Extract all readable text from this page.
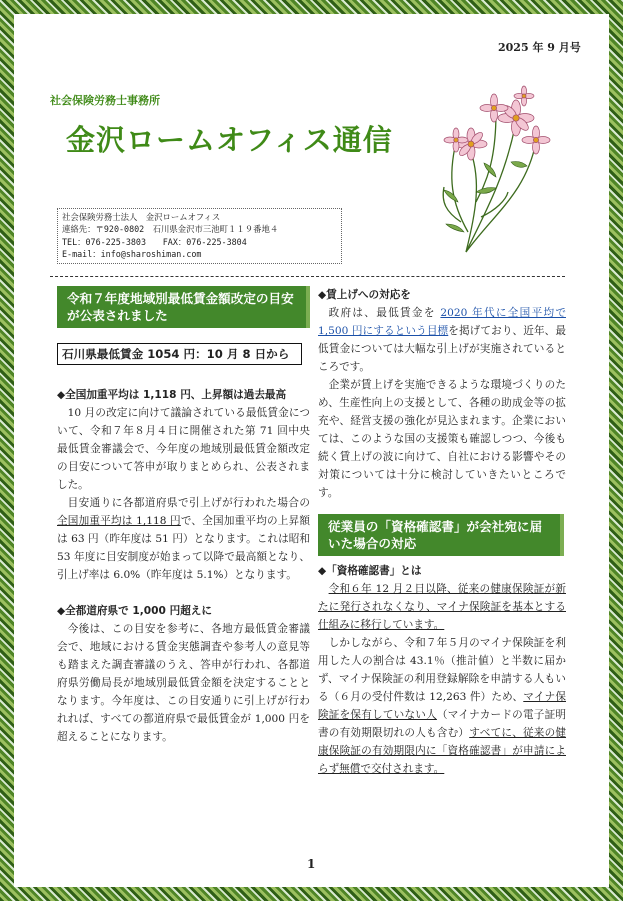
2025 年 9 月号
社会保険労務士事務所
金沢ロームオフィス通信
社会保険労務士法人　金沢ロームオフィス
連絡先：〒920-0802　石川県金沢市三池町１１９番地４
TEL：076-225-3803　　FAX：076-225-3804
E-mail：info@sharoshiman.com
令和７年度地域別最低賃金額改定の目安が公表されました
石川県最低賃金 1054 円：10 月 8 日から
◆全国加重平均は 1,118 円、上昇額は過去最高

10 月の改定に向けて議論されている最低賃金について、令和７年８月４日に開催された第 71 回中央最低賃金審議会で、今年度の地域別最低賃金額改定の目安について答申が取りまとめられ、公表されました。

目安通りに各都道府県で引上げが行われた場合の全国加重平均は 1,118 円で、全国加重平均の上昇額は 63 円（昨年度は 51 円）となります。これは昭和 53 年度に目安制度が始まって以降で最高額となり、引上げ率は 6.0%（昨年度は 5.1%）となります。

◆全都道府県で 1,000 円超えに

今後は、この目安を参考に、各地方最低賃金審議会で、地域における賃金実態調査や参考人の意見等も踏まえた調査審議のうえ、答申が行われ、各都道府県労働局長が地域別最低賃金額を決定することとなります。今年度は、この目安通りに引上げが行われれば、すべての都道府県で最低賃金が 1,000 円を超えることになります。

◆賃上げへの対応を

政府は、最低賃金を 2020 年代に全国平均で 1,500 円にするという目標を掲げており、近年、最低賃金については大幅な引上げが実施されているところです。

企業が賃上げを実施できるような環境づくりのため、生産性向上の支援として、各種の助成金等の拡充や、経営支援の強化が見込まれます。企業においては、このような国の支援策も確認しつつ、今後も続く賃上げの波に向けて、自社における影響やその対策については十分に検討していきたいところです。

従業員の「資格確認書」が会社宛に届いた場合の対応
◆「資格確認書」とは

令和６年 12 月２日以降、従来の健康保険証が新たに発行されなくなり、マイナ保険証を基本とする仕組みに移行しています。

しかしながら、令和７年５月のマイナ保険証を利用した人の割合は 43.1％（推計値）と半数に届かず、マイナ保険証の利用登録解除を申請する人もいる（６月の受付件数は 12,263 件）ため、マイナ保険証を保有していない人（マイナカードの電子証明書の有効期限切れの人も含む）すべてに、従来の健康保険証の有効期限内に「資格確認書」が申請によらず無償で交付されます。

1
